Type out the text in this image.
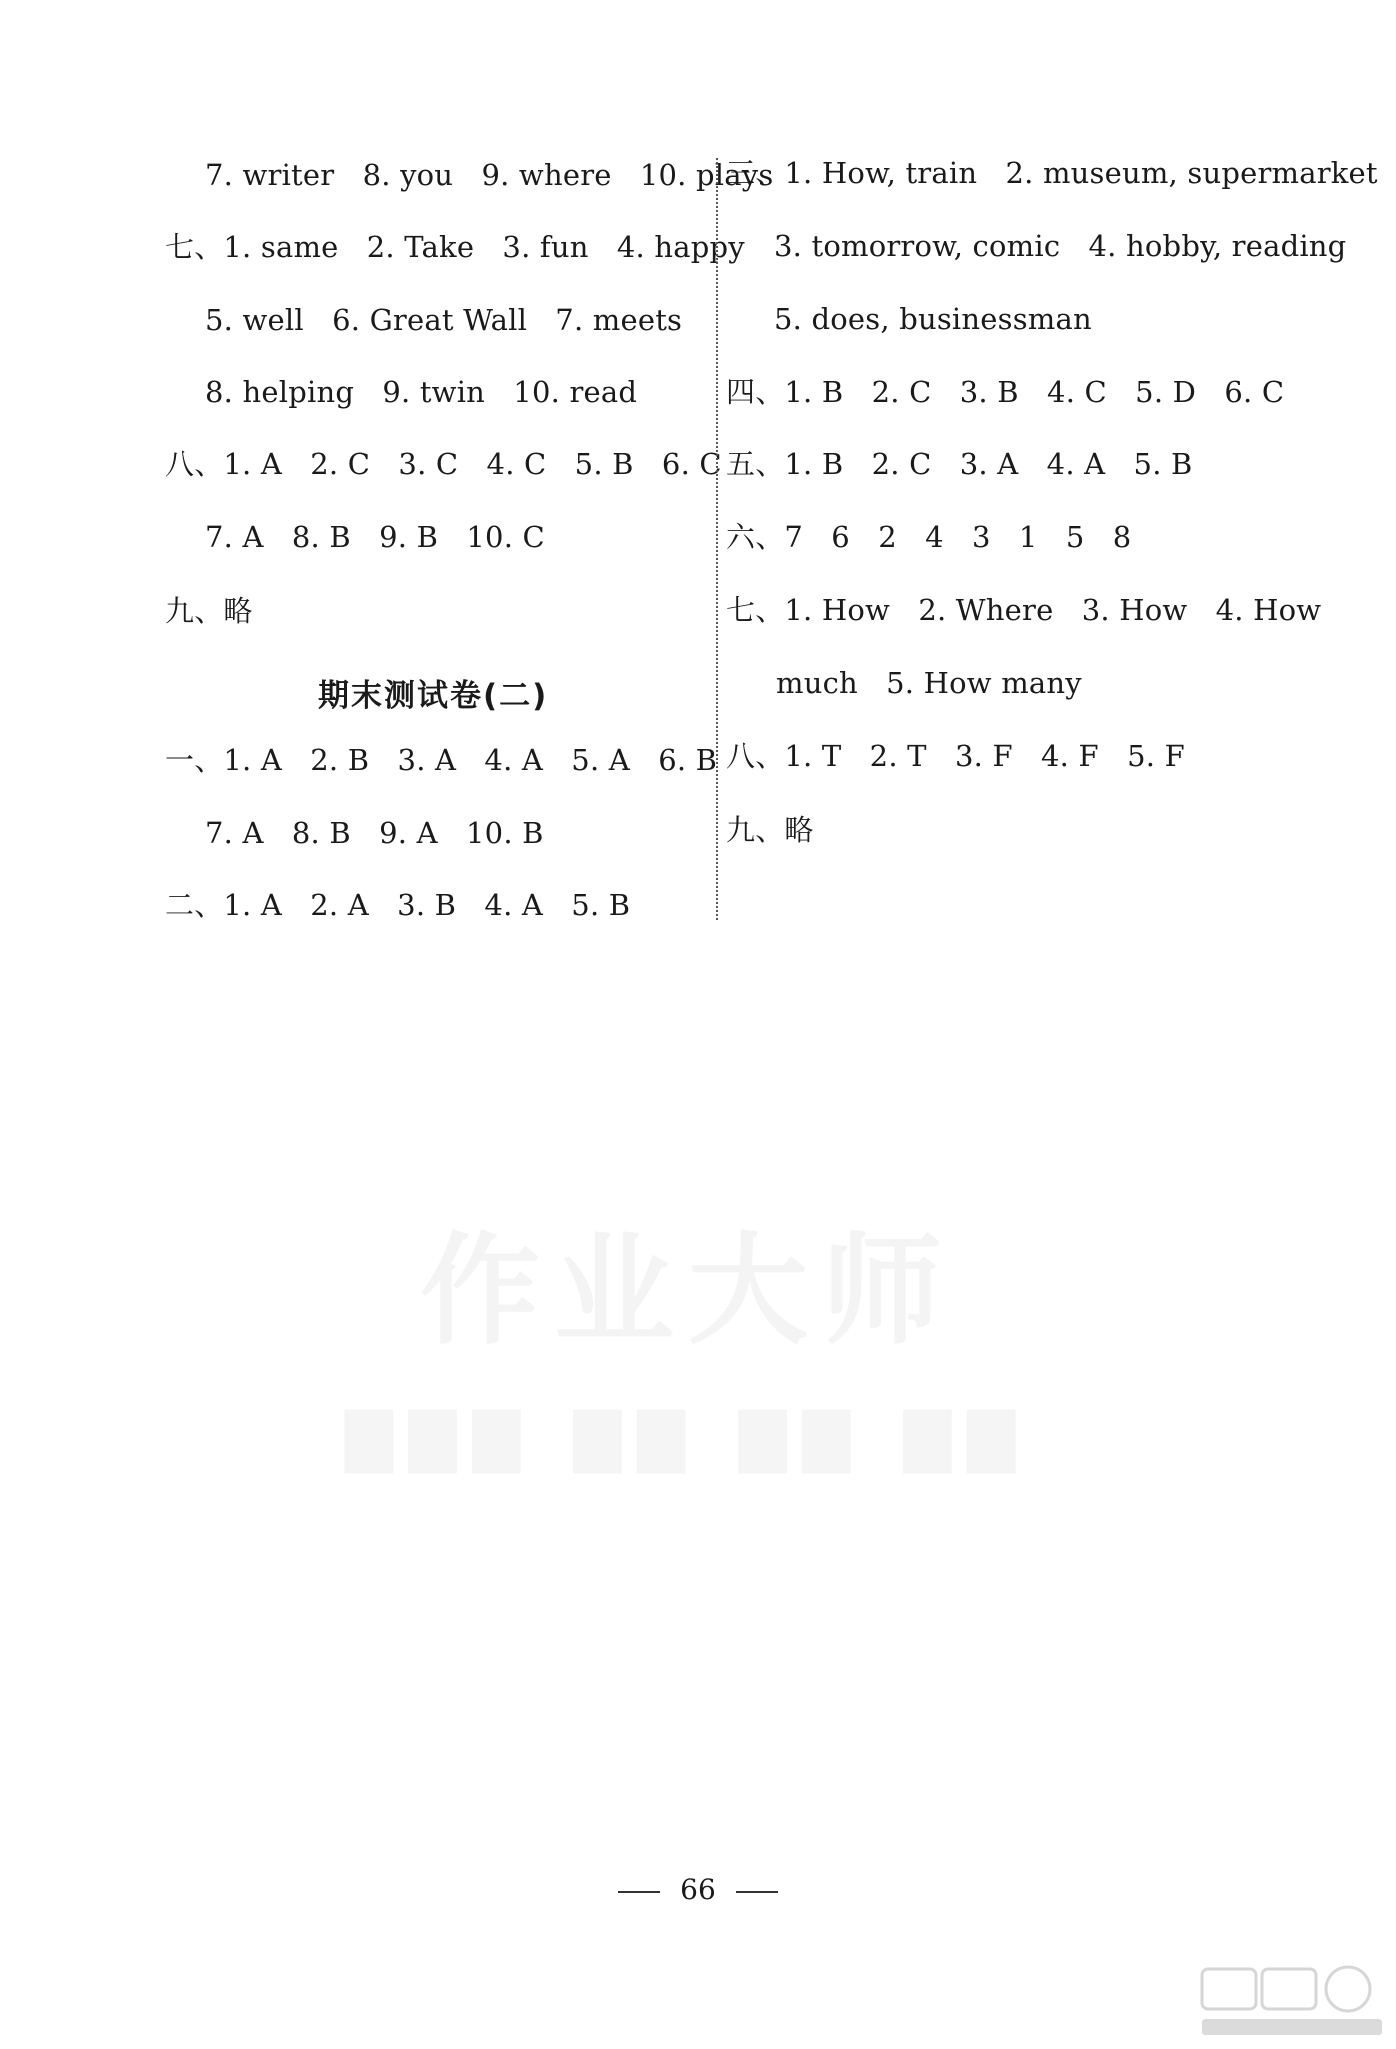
7. writer   8. you   9. where   10. plays
七、1. same   2. Take   3. fun   4. happy
5. well   6. Great Wall   7. meets
8. helping   9. twin   10. read
八、1. A   2. C   3. C   4. C   5. B   6. C
7. A   8. B   9. B   10. C
九、略
期末测试卷(二)
一、1. A   2. B   3. A   4. A   5. A   6. B
7. A   8. B   9. A   10. B
二、1. A   2. A   3. B   4. A   5. B
三、1. How, train   2. museum, supermarket
3. tomorrow, comic   4. hobby, reading
5. does, businessman
四、1. B   2. C   3. B   4. C   5. D   6. C
五、1. B   2. C   3. A   4. A   5. B
六、7   6   2   4   3   1   5   8
七、1. How   2. Where   3. How   4. How
much   5. How many
八、1. T   2. T   3. F   4. F   5. F
九、略
66
